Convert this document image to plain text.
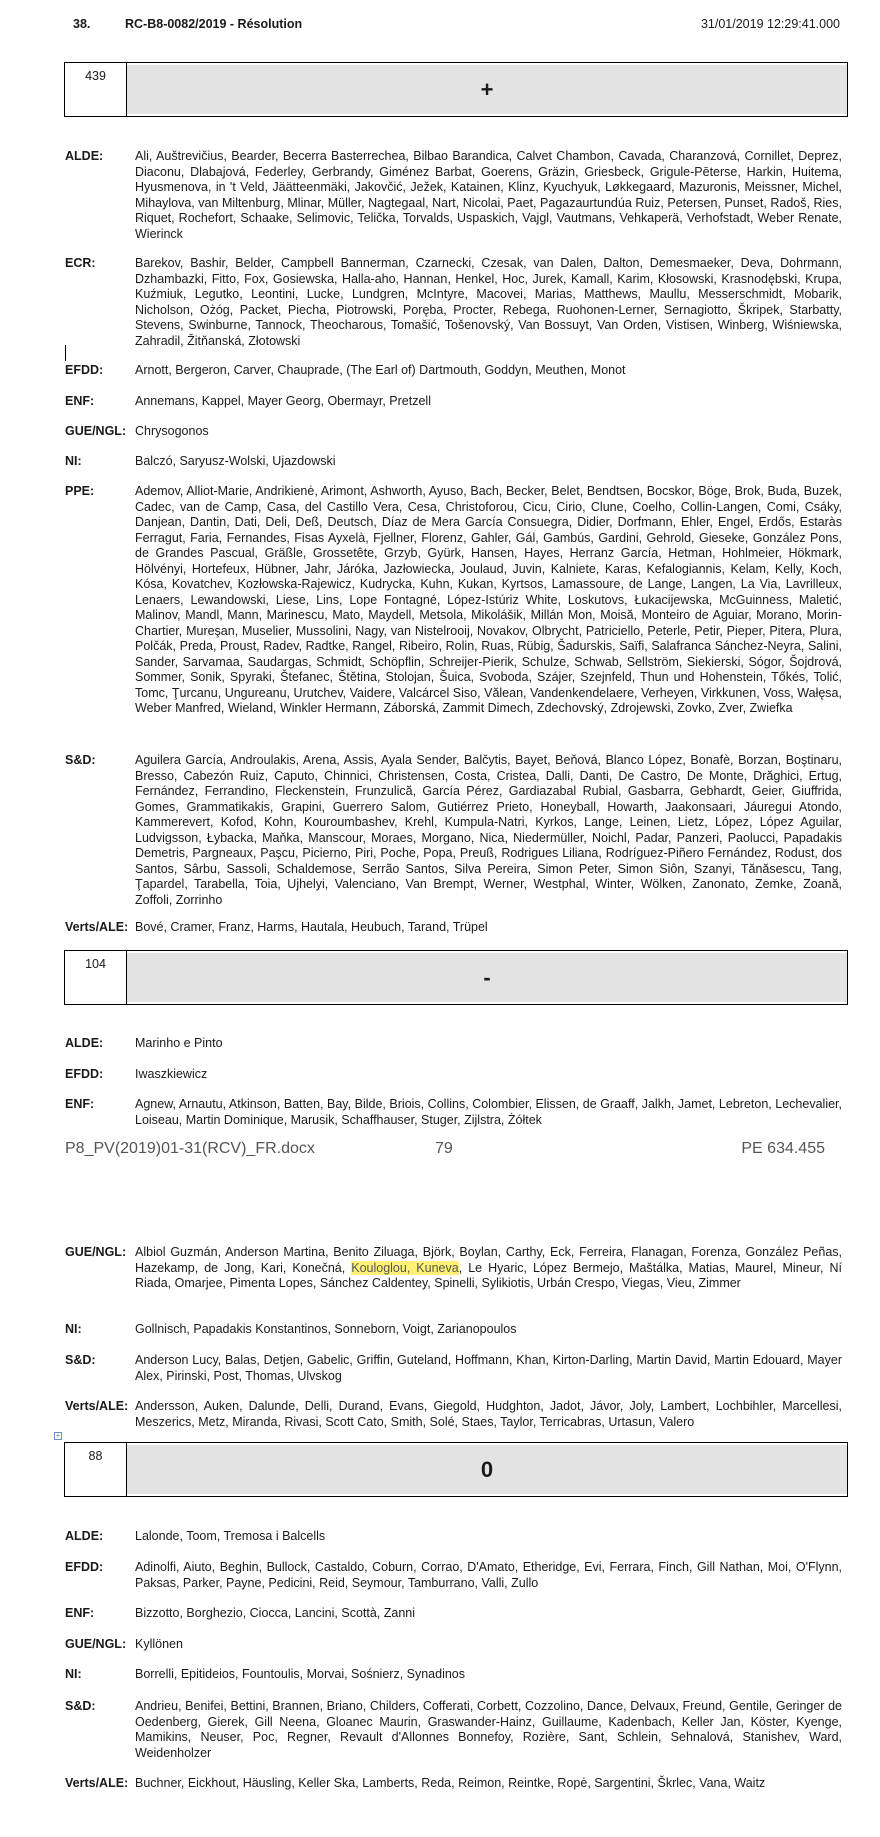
38.	RC-B8-0082/2019 - Résolution	31/01/2019 12:29:41.000
439
+
ALDE:	Ali, Auštrevičius, Bearder, Becerra Basterrechea, Bilbao Barandica, Calvet Chambon, Cavada, Charanzová, Cornillet, Deprez, Diaconu, Dlabajová, Federley, Gerbrandy, Giménez Barbat, Goerens, Gräzin, Griesbeck, Grigule-Pēterse, Harkin, Huitema, Hyusmenova, in 't Veld, Jäätteenmäki, Jakovčić, Ježek, Katainen, Klinz, Kyuchyuk, Løkkegaard, Mazuronis, Meissner, Michel, Mihaylova, van Miltenburg, Mlinar, Müller, Nagtegaal, Nart, Nicolai, Paet, Pagazaurtundúa Ruiz, Petersen, Punset, Radoš, Ries, Riquet, Rochefort, Schaake, Selimovic, Telička, Torvalds, Uspaskich, Vajgl, Vautmans, Vehkaperä, Verhofstadt, Weber Renate, Wierinck
ECR:	Barekov, Bashir, Belder, Campbell Bannerman, Czarnecki, Czesak, van Dalen, Dalton, Demesmaeker, Deva, Dohrmann, Dzhambazki, Fitto, Fox, Gosiewska, Halla-aho, Hannan, Henkel, Hoc, Jurek, Kamall, Karim, Kłosowski, Krasnodębski, Krupa, Kuźmiuk, Legutko, Leontini, Lucke, Lundgren, McIntyre, Macovei, Marias, Matthews, Maullu, Messerschmidt, Mobarik, Nicholson, Ożóg, Packet, Piecha, Piotrowski, Poręba, Procter, Rebega, Ruohonen-Lerner, Sernagiotto, Škripek, Starbatty, Stevens, Swinburne, Tannock, Theocharous, Tomašić, Tošenovský, Van Bossuyt, Van Orden, Vistisen, Winberg, Wiśniewska, Zahradil, Žitňanská, Złotowski
EFDD:	Arnott, Bergeron, Carver, Chauprade, (The Earl of) Dartmouth, Goddyn, Meuthen, Monot
ENF:	Annemans, Kappel, Mayer Georg, Obermayr, Pretzell
GUE/NGL: Chrysogonos
NI:	Balczó, Saryusz-Wolski, Ujazdowski
PPE:	Ademov, Alliot-Marie, Andrikienė, Arimont, Ashworth, Ayuso, Bach, Becker, Belet, Bendtsen, Bocskor, Böge, Brok, Buda, Buzek, Cadec, van de Camp, Casa, del Castillo Vera, Cesa, Christoforou, Cicu, Cirio, Clune, Coelho, Collin-Langen, Comi, Csáky, Danjean, Dantin, Dati, Deli, Deß, Deutsch, Díaz de Mera García Consuegra, Didier, Dorfmann, Ehler, Engel, Erdős, Estaràs Ferragut, Faria, Fernandes, Fisas Ayxelà, Fjellner, Florenz, Gahler, Gál, Gambús, Gardini, Gehrold, Gieseke, González Pons, de Grandes Pascual, Gräßle, Grossetête, Grzyb, Gyürk, Hansen, Hayes, Herranz García, Hetman, Hohlmeier, Hökmark, Hölvényi, Hortefeux, Hübner, Jahr, Járóka, Jazłowiecka, Joulaud, Juvin, Kalniete, Karas, Kefalogiannis, Kelam, Kelly, Koch, Kósa, Kovatchev, Kozłowska-Rajewicz, Kudrycka, Kuhn, Kukan, Kyrtsos, Lamassoure, de Lange, Langen, La Via, Lavrilleux, Lenaers, Lewandowski, Liese, Lins, Lope Fontagné, López-Istúriz White, Loskutovs, Łukacijewska, McGuinness, Maletić, Malinov, Mandl, Mann, Marinescu, Mato, Maydell, Metsola, Mikolášik, Millán Mon, Moisă, Monteiro de Aguiar, Morano, Morin-Chartier, Mureşan, Muselier, Mussolini, Nagy, van Nistelrooij, Novakov, Olbrycht, Patriciello, Peterle, Petir, Pieper, Pitera, Plura, Polčák, Preda, Proust, Radev, Radtke, Rangel, Ribeiro, Rolin, Ruas, Rübig, Šadurskis, Saïfi, Salafranca Sánchez-Neyra, Salini, Sander, Sarvamaa, Saudargas, Schmidt, Schöpflin, Schreijer-Pierik, Schulze, Schwab, Sellström, Siekierski, Sógor, Šojdrová, Sommer, Sonik, Spyraki, Štefanec, Štětina, Stolojan, Šuica, Svoboda, Szájer, Szejnfeld, Thun und Hohenstein, Tőkés, Tolić, Tomc, Ţurcanu, Ungureanu, Urutchev, Vaidere, Valcárcel Siso, Vălean, Vandenkendelaere, Verheyen, Virkkunen, Voss, Wałęsa, Weber Manfred, Wieland, Winkler Hermann, Záborská, Zammit Dimech, Zdechovský, Zdrojewski, Zovko, Zver, Zwiefka
S&D:	Aguilera García, Androulakis, Arena, Assis, Ayala Sender, Balčytis, Bayet, Beňová, Blanco López, Bonafè, Borzan, Boştinaru, Bresso, Cabezón Ruiz, Caputo, Chinnici, Christensen, Costa, Cristea, Dalli, Danti, De Castro, De Monte, Drăghici, Ertug, Fernández, Ferrandino, Fleckenstein, Frunzulică, García Pérez, Gardiazabal Rubial, Gasbarra, Gebhardt, Geier, Giuffrida, Gomes, Grammatikakis, Grapini, Guerrero Salom, Gutiérrez Prieto, Honeyball, Howarth, Jaakonsaari, Jáuregui Atondo, Kammerevert, Kofod, Kohn, Kouroumbashev, Krehl, Kumpula-Natri, Kyrkos, Lange, Leinen, Lietz, López, López Aguilar, Ludvigsson, Łybacka, Maňka, Manscour, Moraes, Morgano, Nica, Niedermüller, Noichl, Padar, Panzeri, Paolucci, Papadakis Demetris, Pargneaux, Paşcu, Picierno, Piri, Poche, Popa, Preuß, Rodrigues Liliana, Rodríguez-Piñero Fernández, Rodust, dos Santos, Sârbu, Sassoli, Schaldemose, Serrão Santos, Silva Pereira, Simon Peter, Simon Siôn, Szanyi, Tănăsescu, Tang, Ţapardel, Tarabella, Toia, Ujhelyi, Valenciano, Van Brempt, Werner, Westphal, Winter, Wölken, Zanonato, Zemke, Zoană, Zoffoli, Zorrinho
Verts/ALE: Bové, Cramer, Franz, Harms, Hautala, Heubuch, Tarand, Trüpel
104
-
ALDE:	Marinho e Pinto
EFDD:	Iwaszkiewicz
ENF:	Agnew, Arnautu, Atkinson, Batten, Bay, Bilde, Briois, Collins, Colombier, Elissen, de Graaff, Jalkh, Jamet, Lebreton, Lechevalier, Loiseau, Martin Dominique, Marusik, Schaffhauser, Stuger, Zijlstra, Żółtek
P8_PV(2019)01-31(RCV)_FR.docx	79	PE 634.455
GUE/NGL: Albiol Guzmán, Anderson Martina, Benito Ziluaga, Björk, Boylan, Carthy, Eck, Ferreira, Flanagan, Forenza, González Peñas, Hazekamp, de Jong, Kari, Konečná, Kouloglou, Kuneva, Le Hyaric, López Bermejo, Maštálka, Matias, Maurel, Mineur, Ní Riada, Omarjee, Pimenta Lopes, Sánchez Caldentey, Spinelli, Sylikiotis, Urbán Crespo, Viegas, Vieu, Zimmer
NI:	Gollnisch, Papadakis Konstantinos, Sonneborn, Voigt, Zarianopoulos
S&D:	Anderson Lucy, Balas, Detjen, Gabelic, Griffin, Guteland, Hoffmann, Khan, Kirton-Darling, Martin David, Martin Edouard, Mayer Alex, Pirinski, Post, Thomas, Ulvskog
Verts/ALE: Andersson, Auken, Dalunde, Delli, Durand, Evans, Giegold, Hudghton, Jadot, Jávor, Joly, Lambert, Lochbihler, Marcellesi, Meszerics, Metz, Miranda, Rivasi, Scott Cato, Smith, Solé, Staes, Taylor, Terricabras, Urtasun, Valero
+
88
0
ALDE:	Lalonde, Toom, Tremosa i Balcells
EFDD:	Adinolfi, Aiuto, Beghin, Bullock, Castaldo, Coburn, Corrao, D'Amato, Etheridge, Evi, Ferrara, Finch, Gill Nathan, Moi, O'Flynn, Paksas, Parker, Payne, Pedicini, Reid, Seymour, Tamburrano, Valli, Zullo
ENF:	Bizzotto, Borghezio, Ciocca, Lancini, Scottà, Zanni
GUE/NGL: Kyllönen
NI:	Borrelli, Epitideios, Fountoulis, Morvai, Sośnierz, Synadinos
S&D:	Andrieu, Benifei, Bettini, Brannen, Briano, Childers, Cofferati, Corbett, Cozzolino, Dance, Delvaux, Freund, Gentile, Geringer de Oedenberg, Gierek, Gill Neena, Gloanec Maurin, Graswander-Hainz, Guillaume, Kadenbach, Keller Jan, Köster, Kyenge, Mamikins, Neuser, Poc, Regner, Revault d'Allonnes Bonnefoy, Rozière, Sant, Schlein, Sehnalová, Stanishev, Ward, Weidenholzer
Verts/ALE: Buchner, Eickhout, Häusling, Keller Ska, Lamberts, Reda, Reimon, Reintke, Ropė, Sargentini, Škrlec, Vana, Waitz
